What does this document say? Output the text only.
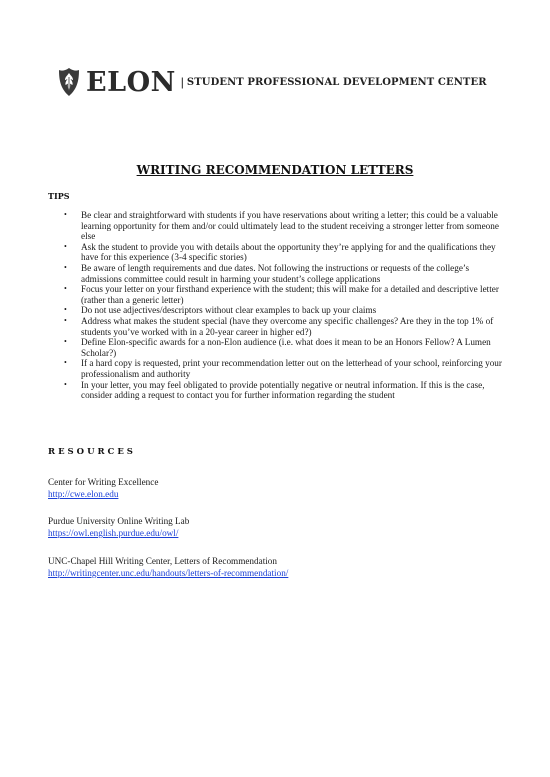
ELON | STUDENT PROFESSIONAL DEVELOPMENT CENTER
WRITING RECOMMENDATION LETTERS
TIPS
• Be clear and straightforward with students if you have reservations about writing a letter; this could be a valuable learning opportunity for them and/or could ultimately lead to the student receiving a stronger letter from someone else
• Ask the student to provide you with details about the opportunity they’re applying for and the qualifications they have for this experience (3-4 specific stories)
• Be aware of length requirements and due dates. Not following the instructions or requests of the college’s admissions committee could result in harming your student’s college applications
• Focus your letter on your firsthand experience with the student; this will make for a detailed and descriptive letter (rather than a generic letter)
• Do not use adjectives/descriptors without clear examples to back up your claims
• Address what makes the student special (have they overcome any specific challenges? Are they in the top 1% of students you’ve worked with in a 20-year career in higher ed?)
• Define Elon-specific awards for a non-Elon audience (i.e. what does it mean to be an Honors Fellow? A Lumen Scholar?)
• If a hard copy is requested, print your recommendation letter out on the letterhead of your school, reinforcing your professionalism and authority
• In your letter, you may feel obligated to provide potentially negative or neutral information. If this is the case, consider adding a request to contact you for further information regarding the student
RESOURCES
Center for Writing Excellence
http://cwe.elon.edu
Purdue University Online Writing Lab
https://owl.english.purdue.edu/owl/
UNC-Chapel Hill Writing Center, Letters of Recommendation
http://writingcenter.unc.edu/handouts/letters-of-recommendation/
